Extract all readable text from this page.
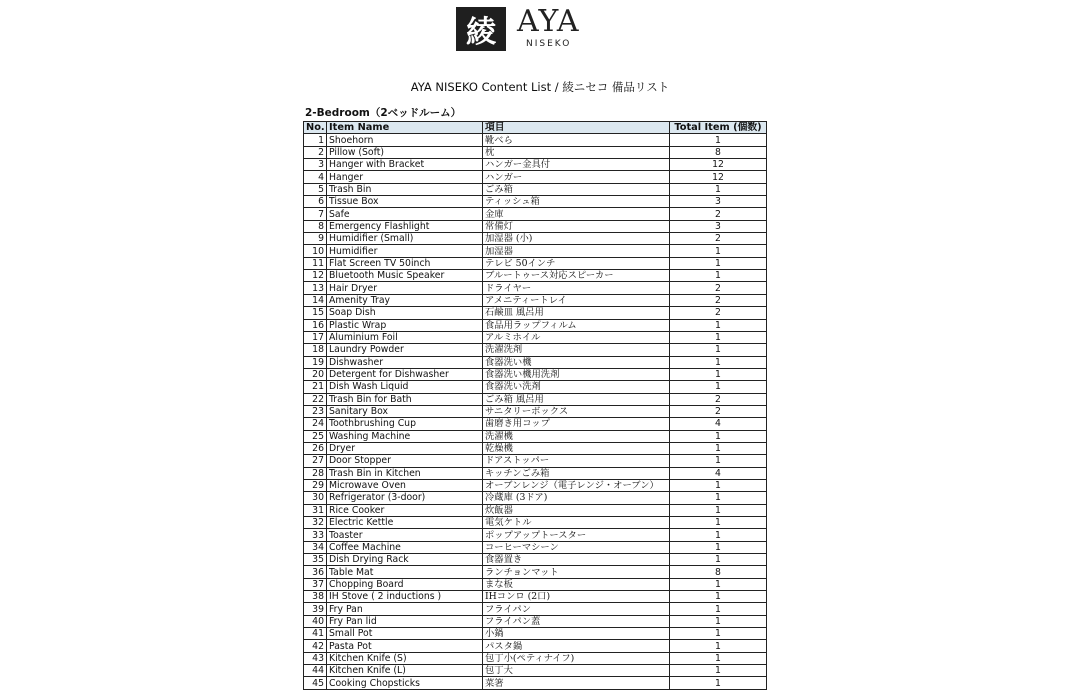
綾 AYA
NISEKO
AYA NISEKO Content List / 綾ニセコ 備品リスト
2-Bedroom（2ベッドルーム）
No.	Item Name	項目	Total Item (個数)
1	Shoehorn	靴べら	1
2	Pillow (Soft)	枕	8
3	Hanger with Bracket	ハンガー金具付	12
4	Hanger	ハンガー	12
5	Trash Bin	ごみ箱	1
6	Tissue Box	ティッシュ箱	3
7	Safe	金庫	2
8	Emergency Flashlight	常備灯	3
9	Humidifier (Small)	加湿器 (小)	2
10	Humidifier	加湿器	1
11	Flat Screen TV 50inch	テレビ 50インチ	1
12	Bluetooth Music Speaker	ブルートゥース対応スピーカー	1
13	Hair Dryer	ドライヤー	2
14	Amenity Tray	アメニティートレイ	2
15	Soap Dish	石鹸皿 風呂用	2
16	Plastic Wrap	食品用ラップフィルム	1
17	Aluminium Foil	アルミホイル	1
18	Laundry Powder	洗濯洗剤	1
19	Dishwasher	食器洗い機	1
20	Detergent for Dishwasher	食器洗い機用洗剤	1
21	Dish Wash Liquid	食器洗い洗剤	1
22	Trash Bin for Bath	ごみ箱 風呂用	2
23	Sanitary Box	サニタリーボックス	2
24	Toothbrushing Cup	歯磨き用コップ	4
25	Washing Machine	洗濯機	1
26	Dryer	乾燥機	1
27	Door Stopper	ドアストッパー	1
28	Trash Bin in Kitchen	キッチンごみ箱	4
29	Microwave Oven	オーブンレンジ（電子レンジ・オーブン）	1
30	Refrigerator (3-door)	冷蔵庫 (3ドア)	1
31	Rice Cooker	炊飯器	1
32	Electric Kettle	電気ケトル	1
33	Toaster	ポップアップトースター	1
34	Coffee Machine	コーヒーマシーン	1
35	Dish Drying Rack	食器置き	1
36	Table Mat	ランチョンマット	8
37	Chopping Board	まな板	1
38	IH Stove ( 2 inductions )	IHコンロ (2口)	1
39	Fry Pan	フライパン	1
40	Fry Pan lid	フライパン蓋	1
41	Small Pot	小鍋	1
42	Pasta Pot	パスタ鍋	1
43	Kitchen Knife (S)	包丁小(ペティナイフ)	1
44	Kitchen Knife (L)	包丁大	1
45	Cooking Chopsticks	菜箸	1
